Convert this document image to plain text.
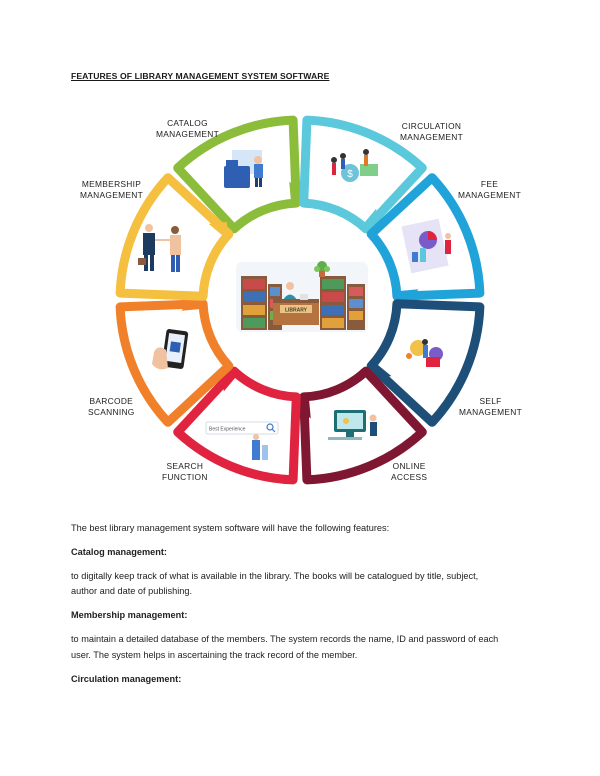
FEATURES OF LIBRARY MANAGEMENT SYSTEM SOFTWARE
LIBRARY
$
Best Experience
CATALOG
MANAGEMENT
CIRCULATION
MANAGEMENT
FEE
MANAGEMENT
SELF
MANAGEMENT
ONLINE
ACCESS
SEARCH
FUNCTION
BARCODE
SCANNING
MEMBERSHIP
MANAGEMENT
The best library management system software will have the following features:
Catalog management:
to digitally keep track of what is available in the library. The books will be catalogued by title, subject,
author and date of publishing.
Membership management:
to maintain a detailed database of the members. The system records the name, ID and password of each
user. The system helps in ascertaining the track record of the member.
Circulation management:
